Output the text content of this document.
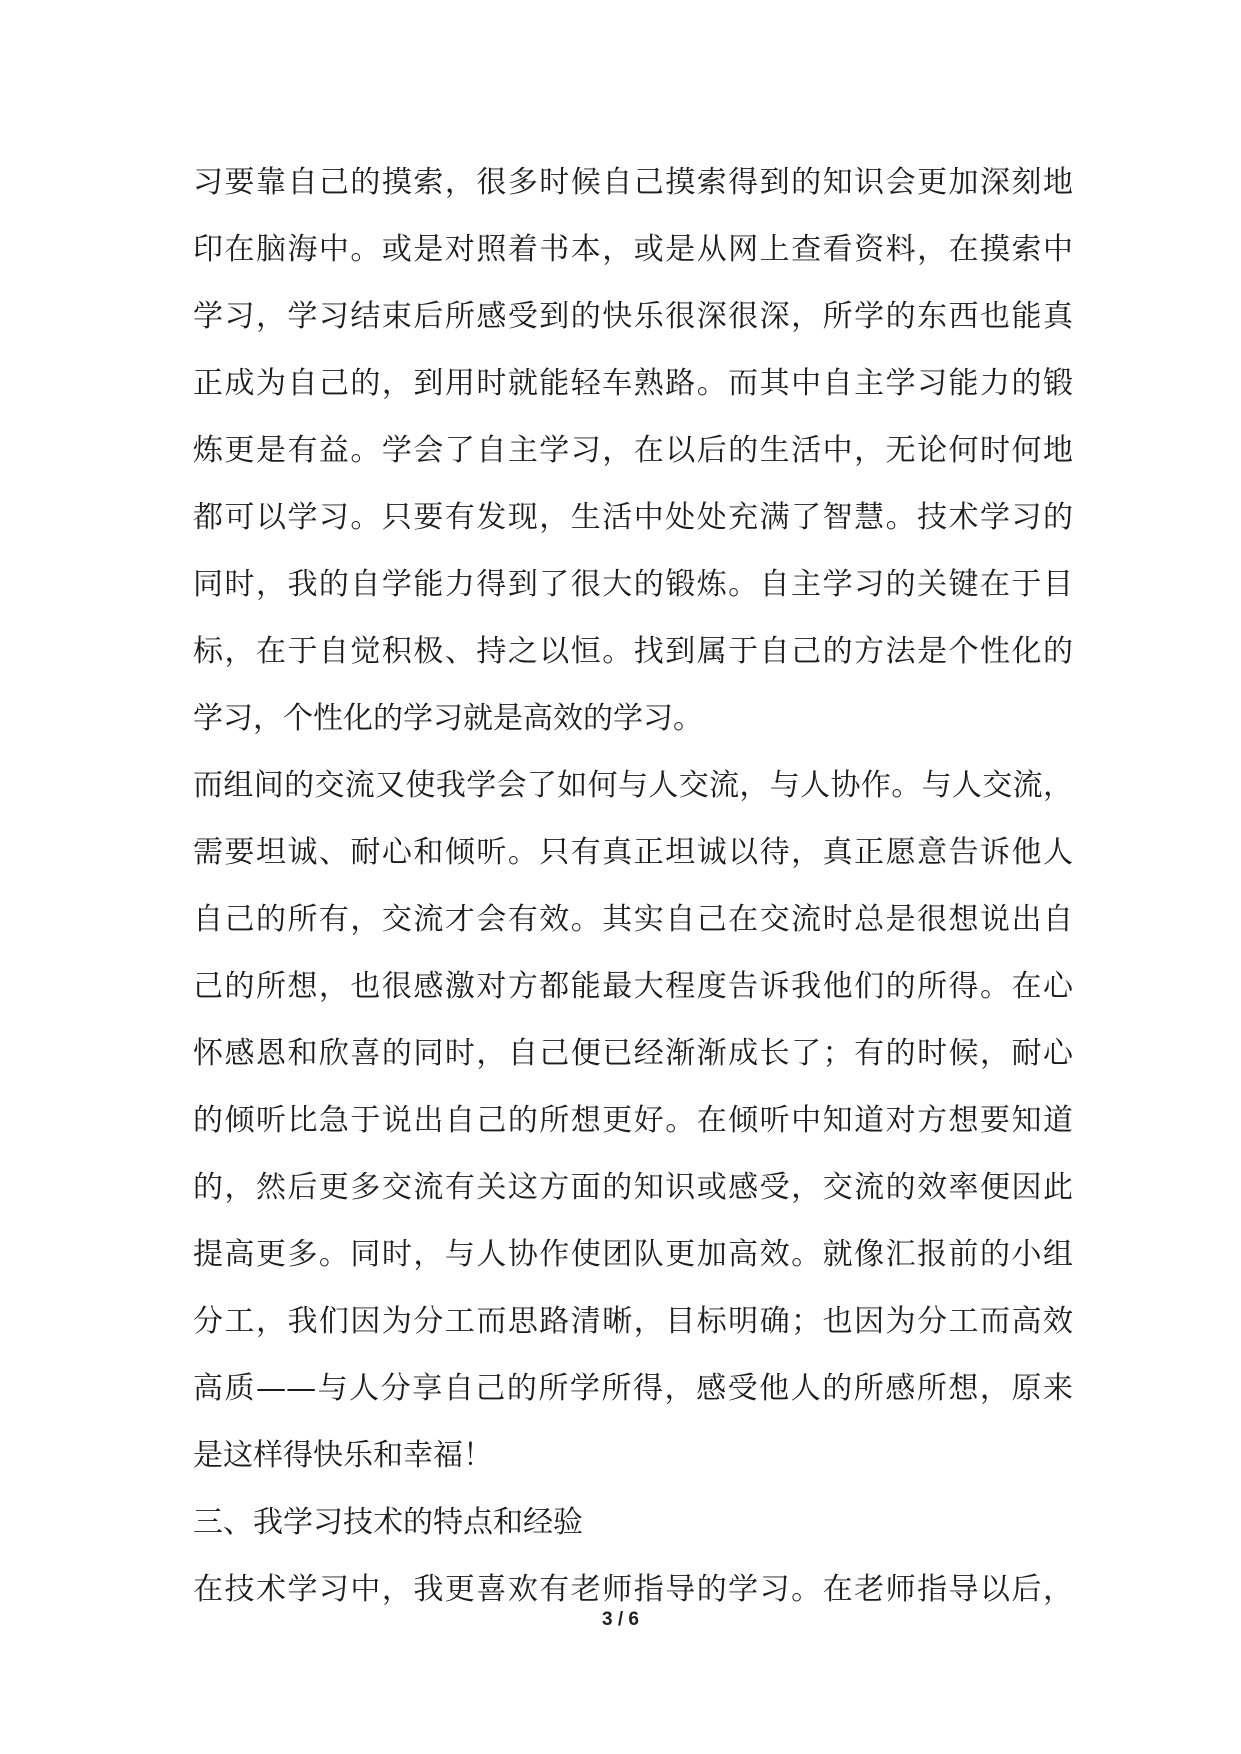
习要靠自己的摸索，很多时候自己摸索得到的知识会更加深刻地
印在脑海中。或是对照着书本，或是从网上查看资料，在摸索中
学习，学习结束后所感受到的快乐很深很深，所学的东西也能真
正成为自己的，到用时就能轻车熟路。而其中自主学习能力的锻
炼更是有益。学会了自主学习，在以后的生活中，无论何时何地
都可以学习。只要有发现，生活中处处充满了智慧。技术学习的
同时，我的自学能力得到了很大的锻炼。自主学习的关键在于目
标，在于自觉积极、持之以恒。找到属于自己的方法是个性化的
学习，个性化的学习就是高效的学习。
而组间的交流又使我学会了如何与人交流，与人协作。与人交流，
需要坦诚、耐心和倾听。只有真正坦诚以待，真正愿意告诉他人
自己的所有，交流才会有效。其实自己在交流时总是很想说出自
己的所想，也很感激对方都能最大程度告诉我他们的所得。在心
怀感恩和欣喜的同时，自己便已经渐渐成长了；有的时候，耐心
的倾听比急于说出自己的所想更好。在倾听中知道对方想要知道
的，然后更多交流有关这方面的知识或感受，交流的效率便因此
提高更多。同时，与人协作使团队更加高效。就像汇报前的小组
分工，我们因为分工而思路清晰，目标明确；也因为分工而高效
高质——与人分享自己的所学所得，感受他人的所感所想，原来
是这样得快乐和幸福！
三、我学习技术的特点和经验
在技术学习中，我更喜欢有老师指导的学习。在老师指导以后，
3 / 6
